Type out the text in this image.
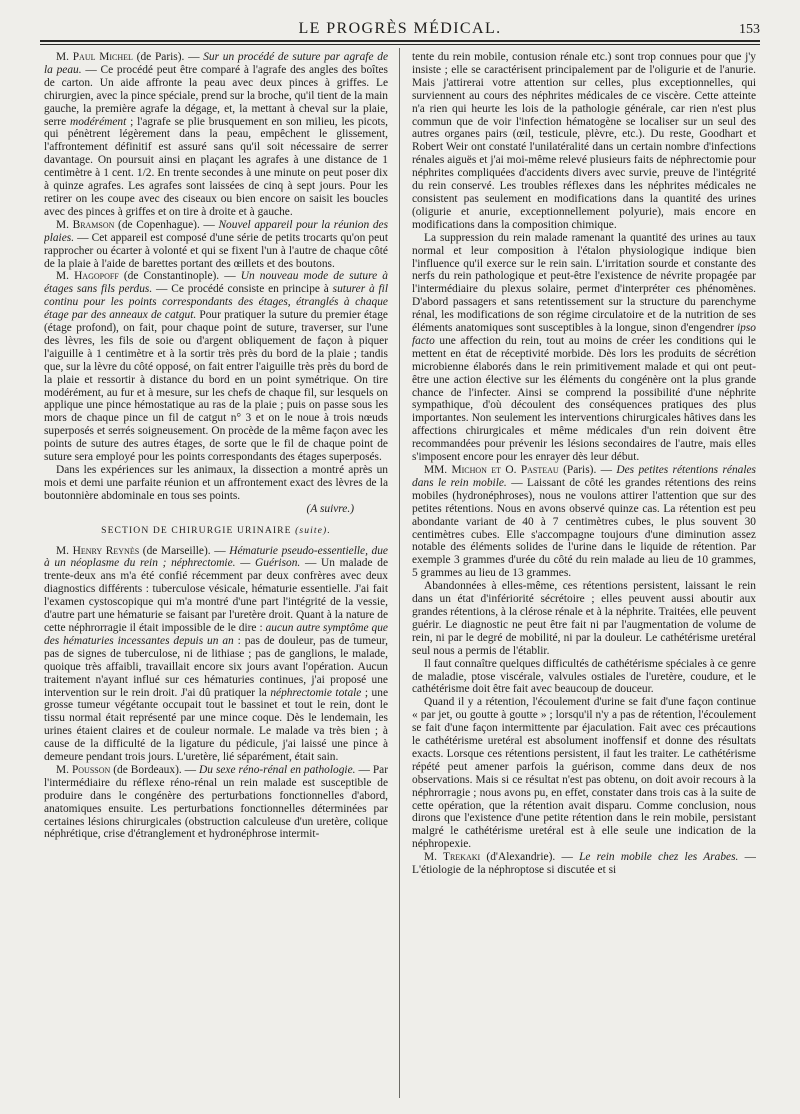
LE PROGRÈS MÉDICAL.	153

M. Paul Michel (de Paris). — Sur un procédé de suture par agrafe de la peau. — Ce procédé peut être comparé à l'agrafe des angles des boîtes de carton. Un aide affronte la peau avec deux pinces à griffes. Le chirurgien, avec la pince spéciale, prend sur la broche, qu'il tient de la main gauche, la première agrafe la dégage, et, la mettant à cheval sur la plaie, serre modérément ; l'agrafe se plie brusquement en son milieu, les picots, qui pénètrent légèrement dans la peau, empêchent le glissement, l'affrontement définitif est assuré sans qu'il soit nécessaire de serrer davantage. On poursuit ainsi en plaçant les agrafes à une distance de 1 centimètre à 1 cent. 1/2. En trente secondes à une minute on peut poser dix à quinze agrafes. Les agrafes sont laissées de cinq à sept jours. Pour les retirer on les coupe avec des ciseaux ou bien encore on saisit les boucles avec des pinces à griffes et on tire à droite et à gauche.

M. Bramson (de Copenhague). — Nouvel appareil pour la réunion des plaies. — Cet appareil est composé d'une série de petits trocarts qu'on peut rapprocher ou écarter à volonté et qui se fixent l'un à l'autre de chaque côté de la plaie à l'aide de barettes portant des œillets et des boutons.

M. Hagopoff (de Constantinople). — Un nouveau mode de suture à étages sans fils perdus. — Ce procédé consiste en principe à suturer à fil continu pour les points correspondants des étages, étranglés à chaque étage par des anneaux de catgut. Pour pratiquer la suture du premier étage (étage profond), on fait, pour chaque point de suture, traverser, sur l'une des lèvres, les fils de soie ou d'argent obliquement de façon à piquer l'aiguille à 1 centimètre et à la sortir très près du bord de la plaie ; tandis que, sur la lèvre du côté opposé, on fait entrer l'aiguille très près du bord de la plaie et ressortir à distance du bord en un point symétrique. On tire modérément, au fur et à mesure, sur les chefs de chaque fil, sur lesquels on applique une pince hémostatique au ras de la plaie ; puis on passe sous les mors de chaque pince un fil de catgut n° 3 et on le noue à trois nœuds superposés et serrés soigneusement. On procède de la même façon avec les points de suture des autres étages, de sorte que le fil de chaque point de suture sera employé pour les points correspondants des étages superposés.

Dans les expériences sur les animaux, la dissection a montré après un mois et demi une parfaite réunion et un affrontement exact des lèvres de la boutonnière abdominale en tous ses points.
(A suivre.)

SECTION DE CHIRURGIE URINAIRE (suite).

M. Henry Reynès (de Marseille). — Hématurie pseudo-essentielle, due à un néoplasme du rein ; néphrectomie. — Guérison. — Un malade de trente-deux ans m'a été confié récemment par deux confrères avec deux diagnostics différents : tuberculose vésicale, hématurie essentielle. J'ai fait l'examen cystoscopique qui m'a montré d'une part l'intégrité de la vessie, d'autre part une hématurie se faisant par l'uretère droit. Quant à la nature de cette néphrorragie il était impossible de le dire : aucun autre symptôme que des hématuries incessantes depuis un an : pas de douleur, pas de tumeur, pas de signes de tuberculose, ni de lithiase ; pas de ganglions, le malade, quoique très affaibli, travaillait encore six jours avant l'opération. Aucun traitement n'ayant influé sur ces hématuries continues, j'ai proposé une intervention sur le rein droit. J'ai dû pratiquer la néphrectomie totale ; une grosse tumeur végétante occupait tout le bassinet et tout le rein, dont le tissu normal était représenté par une mince coque. Dès le lendemain, les urines étaient claires et de couleur normale. Le malade va très bien ; à cause de la difficulté de la ligature du pédicule, j'ai laissé une pince à demeure pendant trois jours. L'uretère, lié séparément, était sain.

M. Pousson (de Bordeaux). — Du sexe réno-rénal en pathologie. — Par l'intermédiaire du réflexe réno-rénal un rein malade est susceptible de produire dans le congénère des perturbations fonctionnelles d'abord, anatomiques ensuite. Les perturbations fonctionnelles déterminées par certaines lésions chirurgicales (obstruction calculeuse d'un uretère, colique néphrétique, crise d'étranglement et hydronéphrose intermit-

tente du rein mobile, contusion rénale etc.) sont trop connues pour que j'y insiste ; elle se caractérisent principalement par de l'oligurie et de l'anurie. Mais j'attirerai votre attention sur celles, plus exceptionnelles, qui surviennent au cours des néphrites médicales de ce viscère. Cette atteinte n'a rien qui heurte les lois de la pathologie générale, car rien n'est plus commun que de voir l'infection hématogène se localiser sur un seul des autres organes pairs (œil, testicule, plèvre, etc.). Du reste, Goodhart et Robert Weir ont constaté l'unilatéralité dans un certain nombre d'infections rénales aiguës et j'ai moi-même relevé plusieurs faits de néphrectomie pour néphrites compliquées d'accidents divers avec survie, preuve de l'intégrité du rein conservé. Les troubles réflexes dans les néphrites médicales ne consistent pas seulement en modifications dans la quantité des urines (oligurie et anurie, exceptionnellement polyurie), mais encore en modifications dans la composition chimique.

La suppression du rein malade ramenant la quantité des urines au taux normal et leur composition à l'étalon physiologique indique bien l'influence qu'il exerce sur le rein sain. L'irritation sourde et constante des nerfs du rein pathologique et peut-être l'existence de névrite propagée par l'intermédiaire du plexus solaire, permet d'interpréter ces phénomènes. D'abord passagers et sans retentissement sur la structure du parenchyme rénal, les modifications de son régime circulatoire et de la nutrition de ses éléments anatomiques sont susceptibles à la longue, sinon d'engendrer ipso facto une affection du rein, tout au moins de créer les conditions qui le mettent en état de réceptivité morbide. Dès lors les produits de sécrétion microbienne élaborés dans le rein primitivement malade et qui ont peut-être une action élective sur les éléments du congénère ont la plus grande chance de l'infecter. Ainsi se comprend la possibilité d'une néphrite sympathique, d'où découlent des conséquences pratiques des plus importantes. Non seulement les interventions chirurgicales hâtives dans les affections chirurgicales et même médicales d'un rein doivent être recommandées pour prévenir les lésions secondaires de l'autre, mais elles s'imposent encore pour les enrayer dès leur début.

MM. Michon et O. Pasteau (Paris). — Des petites rétentions rénales dans le rein mobile. — Laissant de côté les grandes rétentions des reins mobiles (hydronéphroses), nous ne voulons attirer l'attention que sur des petites rétentions. Nous en avons observé quinze cas. La rétention est peu abondante variant de 40 à 7 centimètres cubes, le plus souvent 30 centimètres cubes. Elle s'accompagne toujours d'une diminution assez notable des éléments solides de l'urine dans le liquide de rétention. Par exemple 3 grammes d'urée du côté du rein malade au lieu de 10 grammes, 5 grammes au lieu de 13 grammes.

Abandonnées à elles-même, ces rétentions persistent, laissant le rein dans un état d'infériorité sécrétoire ; elles peuvent aussi aboutir aux grandes rétentions, à la clérose rénale et à la néphrite. Traitées, elle peuvent guérir. Le diagnostic ne peut être fait ni par l'augmentation de volume de rein, ni par le degré de mobilité, ni par la douleur. Le cathétérisme uretéral seul nous a permis de l'établir.

Il faut connaître quelques difficultés de cathétérisme spéciales à ce genre de maladie, ptose viscérale, valvules ostiales de l'uretère, coudure, et le cathétérisme doit être fait avec beaucoup de douceur.

Quand il y a rétention, l'écoulement d'urine se fait d'une façon continue « par jet, ou goutte à goutte » ; lorsqu'il n'y a pas de rétention, l'écoulement se fait d'une façon intermittente par éjaculation. Fait avec ces précautions le cathétérisme uretéral est absolument inoffensif et donne des résultats exacts. Lorsque ces rétentions persistent, il faut les traiter. Le cathétérisme répété peut amener parfois la guérison, comme dans deux de nos observations. Mais si ce résultat n'est pas obtenu, on doit avoir recours à la néphrorragie ; nous avons pu, en effet, constater dans trois cas à la suite de cette opération, que la rétention avait disparu. Comme conclusion, nous dirons que l'existence d'une petite rétention dans le rein mobile, persistant malgré le cathétérisme uretéral est à elle seule une indication de la néphropexie.

M. Trekaki (d'Alexandrie). — Le rein mobile chez les Arabes. — L'étiologie de la néphroptose si discutée et si
